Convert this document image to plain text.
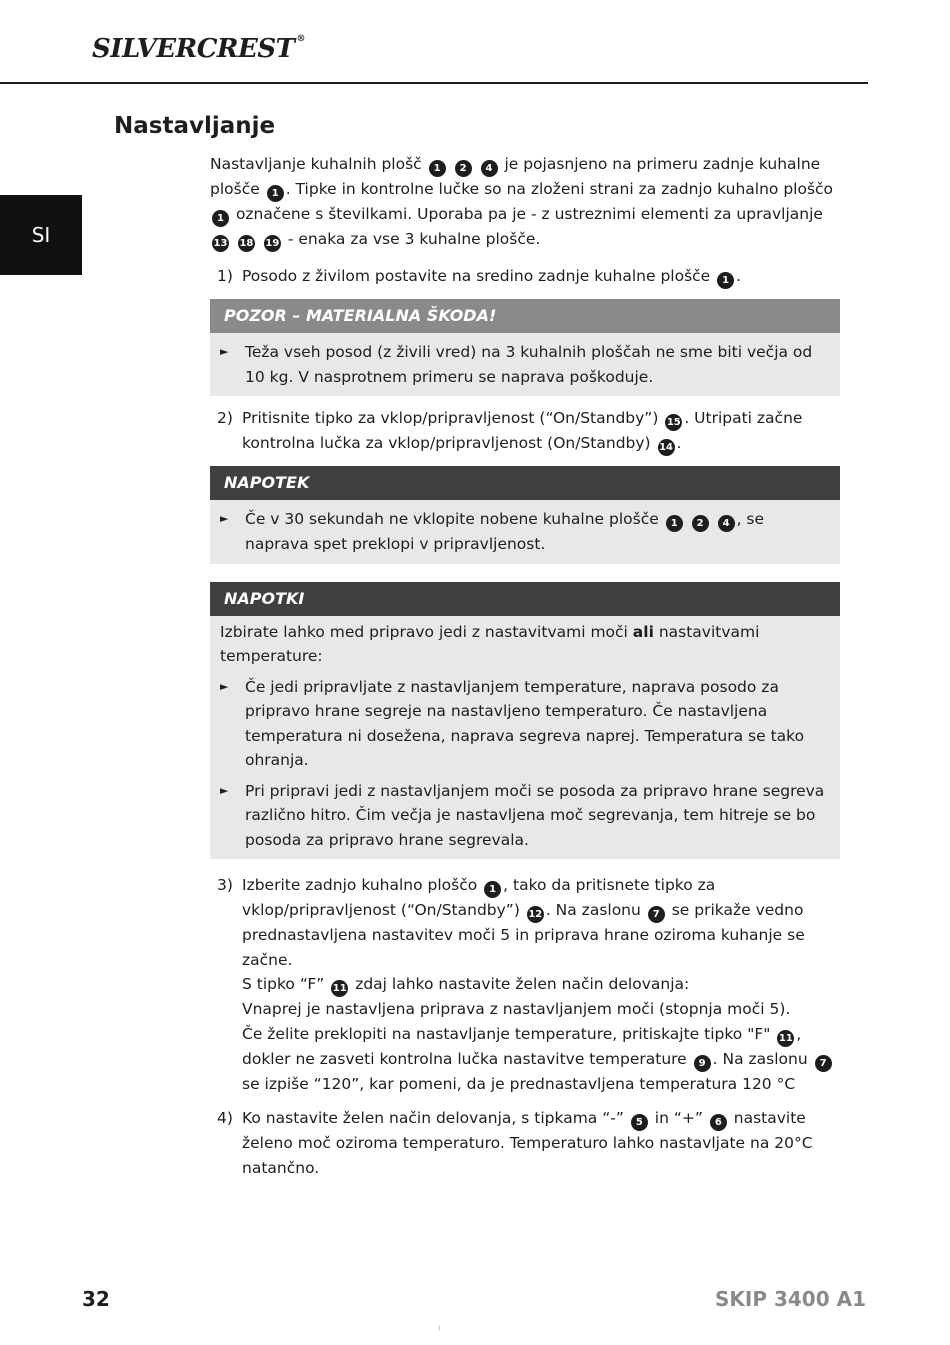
SILVERCREST ®
SI
Nastavljanje

Nastavljanje kuhalnih plošč 1 2 4 je pojasnjeno na primeru zadnje kuhalne plošče 1 . Tipke in kontrolne lučke so na zloženi strani za zadnjo kuhalno ploščo 1 označene s številkami. Uporaba pa je - z ustreznimi elementi za upravljanje 13 18 19 - enaka za vse 3 kuhalne plošče.

1) Posodo z živilom postavite na sredino zadnje kuhalne plošče 1 .
POZOR – MATERIALNA ŠKODA!
► Teža vseh posod (z živili vred) na 3 kuhalnih ploščah ne sme biti večja od 10 kg. V nasprotnem primeru se naprava poškoduje.
2) Pritisnite tipko za vklop/pripravljenost (“On/Standby”) 15 . Utripati začne kontrolna lučka za vklop/pripravljenost (On/Standby) 14 .
NAPOTEK
► Če v 30 sekundah ne vklopite nobene kuhalne plošče 1 2 4 , se naprava spet preklopi v pripravljenost.
NAPOTKI

Izbirate lahko med pripravo jedi z nastavitvami moči ali nastavitvami temperature:

► Če jedi pripravljate z nastavljanjem temperature, naprava posodo za pripravo hrane segreje na nastavljeno temperaturo. Če nastavljena temperatura ni dosežena, naprava segreva naprej. Temperatura se tako ohranja.
► Pri pripravi jedi z nastavljanjem moči se posoda za pripravo hrane segreva različno hitro. Čim večja je nastavljena moč segrevanja, tem hitreje se bo posoda za pripravo hrane segrevala.
3) Izberite zadnjo kuhalno ploščo 1 , tako da pritisnete tipko za vklop/pripravljenost (“On/Standby”) 12 . Na zaslonu 7 se prikaže vedno prednastavljena nastavitev moči 5 in priprava hrane oziroma kuhanje se začne.
S tipko “F” 11 zdaj lahko nastavite želen način delovanja:
Vnaprej je nastavljena priprava z nastavljanjem moči (stopnja moči 5).
Če želite preklopiti na nastavljanje temperature, pritiskajte tipko "F" 11 , dokler ne zasveti kontrolna lučka nastavitve temperature 9 . Na zaslonu 7 se izpiše “120”, kar pomeni, da je prednastavljena temperatura 120 °C
4) Ko nastavite želen način delovanja, s tipkama “-” 5 in “+” 6 nastavite želeno moč oziroma temperaturo. Temperaturo lahko nastavljate na 20°C natančno.
32	SKIP 3400 A1
⁝
